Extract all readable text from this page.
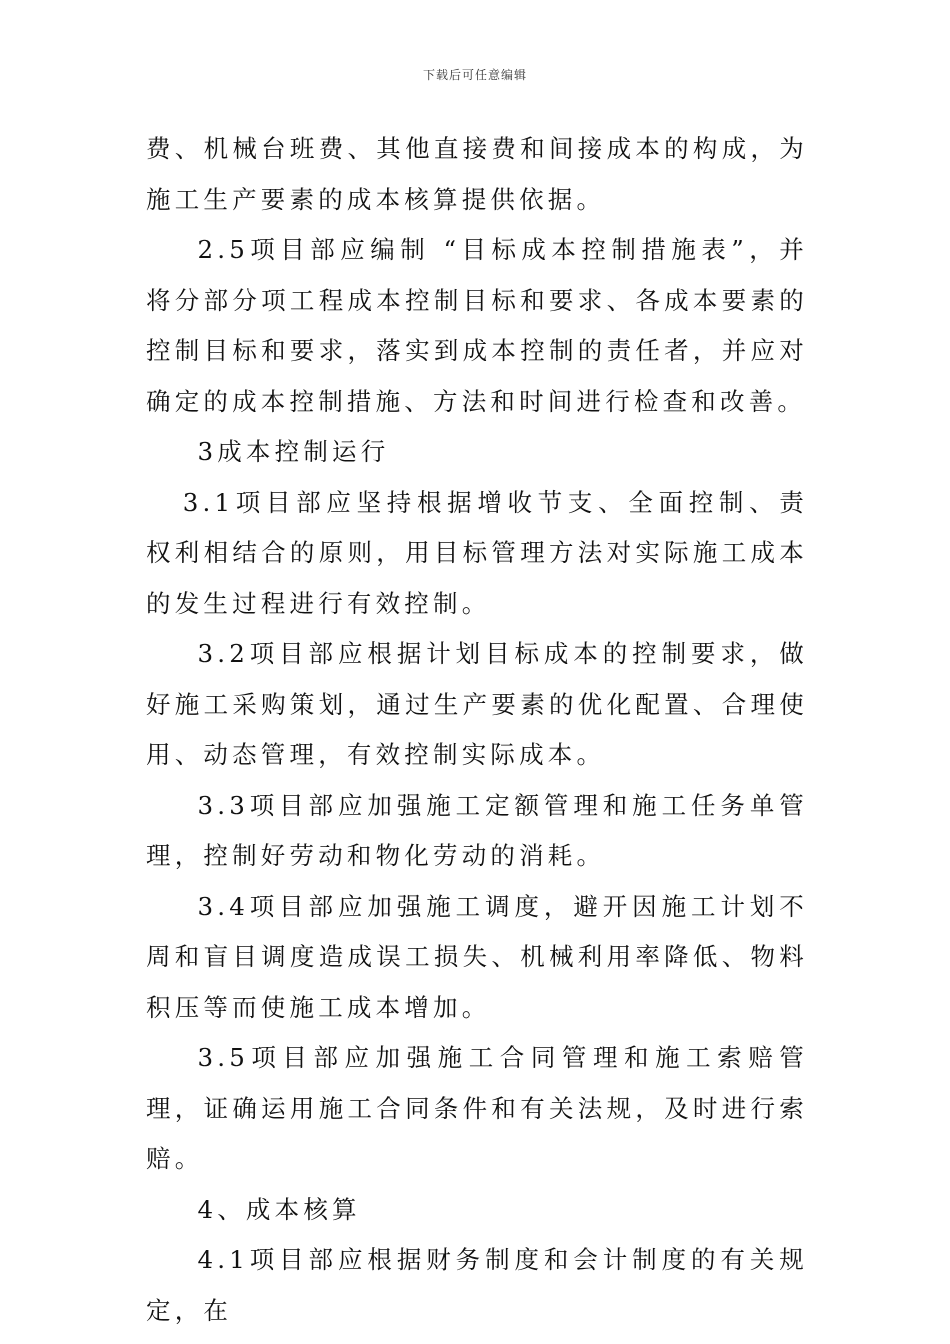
下载后可任意编辑

费、机械台班费、其他直接费和间接成本的构成，为施工生产要素的成本核算提供依据。

2.5项目部应编制 “目标成本控制措施表”，并将分部分项工程成本控制目标和要求、各成本要素的控制目标和要求，落实到成本控制的责任者，并应对确定的成本控制措施、方法和时间进行检查和改善。

3成本控制运行

3.1项目部应坚持根据增收节支、全面控制、责权利相结合的原则，用目标管理方法对实际施工成本的发生过程进行有效控制。

3.2项目部应根据计划目标成本的控制要求，做好施工采购策划，通过生产要素的优化配置、合理使用、动态管理，有效控制实际成本。

3.3项目部应加强施工定额管理和施工任务单管理，控制好劳动和物化劳动的消耗。

3.4项目部应加强施工调度，避开因施工计划不周和盲目调度造成误工损失、机械利用率降低、物料积压等而使施工成本增加。

3.5项目部应加强施工合同管理和施工索赔管理，证确运用施工合同条件和有关法规，及时进行索赔。

4、成本核算

4.1项目部应根据财务制度和会计制度的有关规定，在
